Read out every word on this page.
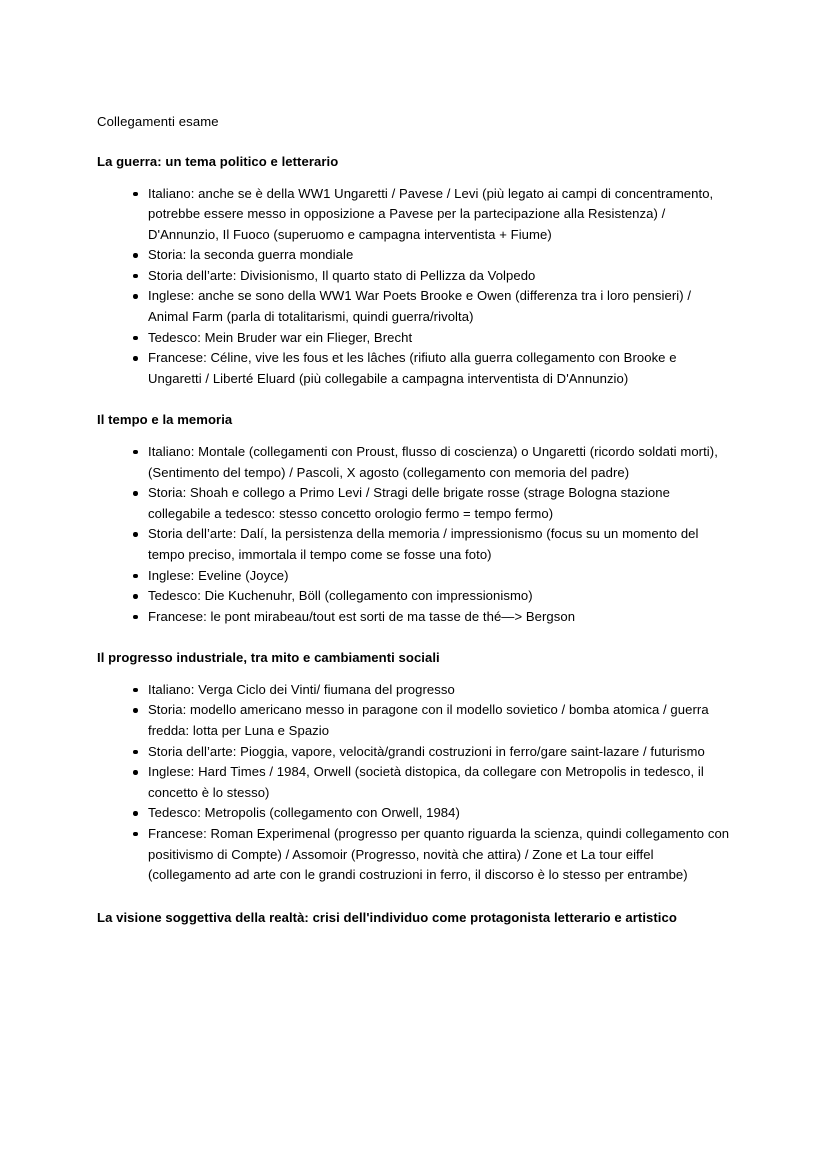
Collegamenti esame

La guerra: un tema politico e letterario
Italiano: anche se è della WW1 Ungaretti / Pavese / Levi (più legato ai campi di concentramento, potrebbe essere messo in opposizione a Pavese per la partecipazione alla Resistenza) / D'Annunzio, Il Fuoco (superuomo e campagna interventista + Fiume)
Storia: la seconda guerra mondiale
Storia dell’arte: Divisionismo, Il quarto stato di Pellizza da Volpedo
Inglese: anche se sono della WW1 War Poets Brooke e Owen (differenza tra i loro pensieri) / Animal Farm (parla di totalitarismi, quindi guerra/rivolta)
Tedesco: Mein Bruder war ein Flieger, Brecht
Francese: Céline, vive les fous et les lâches (rifiuto alla guerra collegamento con Brooke e Ungaretti / Liberté Eluard (più collegabile a campagna interventista di D'Annunzio)
Il tempo e la memoria
Italiano: Montale (collegamenti con Proust, flusso di coscienza) o Ungaretti (ricordo soldati morti), (Sentimento del tempo) / Pascoli, X agosto (collegamento con memoria del padre)
Storia: Shoah e collego a Primo Levi / Stragi delle brigate rosse (strage Bologna stazione collegabile a tedesco: stesso concetto orologio fermo = tempo fermo)
Storia dell’arte: Dalí, la persistenza della memoria / impressionismo (focus su un momento del tempo preciso, immortala il tempo come se fosse una foto)
Inglese: Eveline (Joyce)
Tedesco: Die Kuchenuhr, Böll (collegamento con impressionismo)
Francese: le pont mirabeau/tout est sorti de ma tasse de thé—> Bergson
Il progresso industriale, tra mito e cambiamenti sociali
Italiano: Verga Ciclo dei Vinti/ fiumana del progresso
Storia: modello americano messo in paragone con il modello sovietico / bomba atomica / guerra fredda: lotta per Luna e Spazio
Storia dell’arte: Pioggia, vapore, velocità/grandi costruzioni in ferro/gare saint-lazare / futurismo
Inglese: Hard Times / 1984, Orwell (società distopica, da collegare con Metropolis in tedesco, il concetto è lo stesso)
Tedesco: Metropolis (collegamento con Orwell, 1984)
Francese: Roman Experimenal (progresso per quanto riguarda la scienza, quindi collegamento con positivismo di Compte) / Assomoir (Progresso, novità che attira) / Zone et La tour eiffel (collegamento ad arte con le grandi costruzioni in ferro, il discorso è lo stesso per entrambe)
La visione soggettiva della realtà: crisi dell'individuo come protagonista letterario e artistico
